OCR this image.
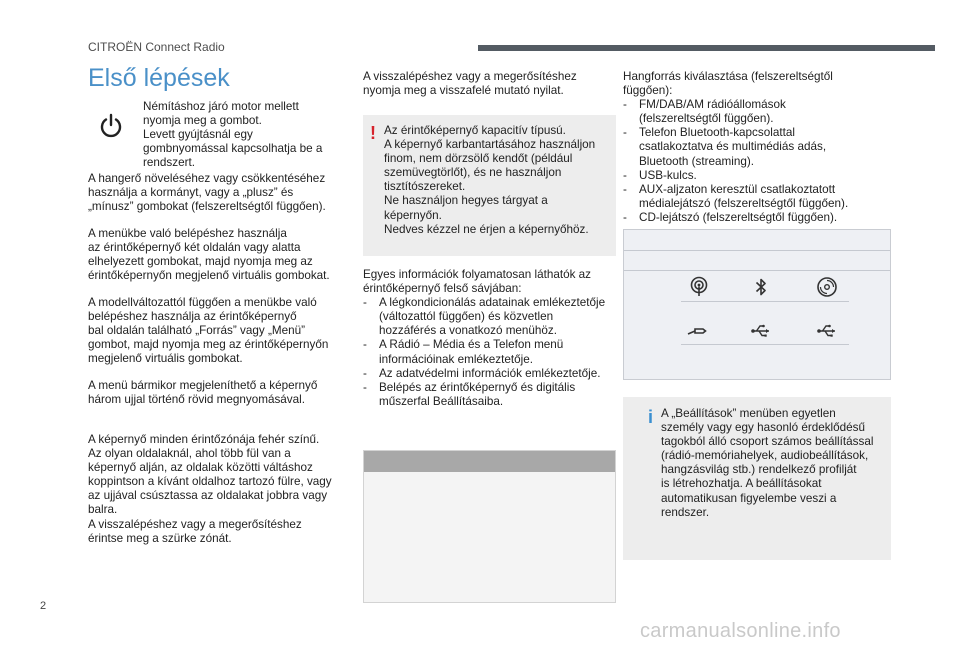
CITROËN Connect Radio
Első lépések
Némításhoz járó motor mellett
nyomja meg a gombot.
Levett gyújtásnál egy
gombnyomással kapcsolhatja be a
rendszert.
A hangerő növeléséhez vagy csökkentéséhez
használja a kormányt, vagy a „plusz” és
„mínusz” gombokat (felszereltségtől függően).
A menükbe való belépéshez használja
az érintőképernyő két oldalán vagy alatta
elhelyezett gombokat, majd nyomja meg az
érintőképernyőn megjelenő virtuális gombokat.
A modellváltozattól függően a menükbe való
belépéshez használja az érintőképernyő
bal oldalán található „Forrás” vagy „Menü”
gombot, majd nyomja meg az érintőképernyőn
megjelenő virtuális gombokat.
A menü bármikor megjeleníthető a képernyő
három ujjal történő rövid megnyomásával.
A képernyő minden érintőzónája fehér színű.
Az olyan oldalaknál, ahol több fül van a
képernyő alján, az oldalak közötti váltáshoz
koppintson a kívánt oldalhoz tartozó fülre, vagy
az ujjával csúsztassa az oldalakat jobbra vagy
balra.
A visszalépéshez vagy a megerősítéshez
érintse meg a szürke zónát.
A visszalépéshez vagy a megerősítéshez
nyomja meg a visszafelé mutató nyilat.
! Az érintőképernyő kapacitív típusú.
A képernyő karbantartásához használjon
finom, nem dörzsölő kendőt (például
szemüvegtörlőt), és ne használjon
tisztítószereket.
Ne használjon hegyes tárgyat a
képernyőn.
Nedves kézzel ne érjen a képernyőhöz.
Egyes információk folyamatosan láthatók az
érintőképernyő felső sávjában:
-	A légkondicionálás adatainak emlékeztetője
(változattól függően) és közvetlen
hozzáférés a vonatkozó menühöz.
-	A Rádió – Média és a Telefon menü
információinak emlékeztetője.
-	Az adatvédelmi információk emlékeztetője.
-	Belépés az érintőképernyő és digitális
műszerfal Beállításaiba.
Hangforrás kiválasztása (felszereltségtől
függően):
-	FM/DAB/AM rádióállomások
(felszereltségtől függően).
-	Telefon Bluetooth-kapcsolattal
csatlakoztatva és multimédiás adás,
Bluetooth (streaming).
-	USB-kulcs.
-	AUX-aljzaton keresztül csatlakoztatott
médialejátszó (felszereltségtől függően).
-	CD-lejátszó (felszereltségtől függően).
i A „Beállítások” menüben egyetlen
személy vagy egy hasonló érdeklődésű
tagokból álló csoport számos beállítással
(rádió-memóriahelyek, audiobeállítások,
hangzásvilág stb.) rendelkező profilját
is létrehozhatja. A beállításokat
automatikusan figyelembe veszi a
rendszer.
2
carmanualsonline.info
